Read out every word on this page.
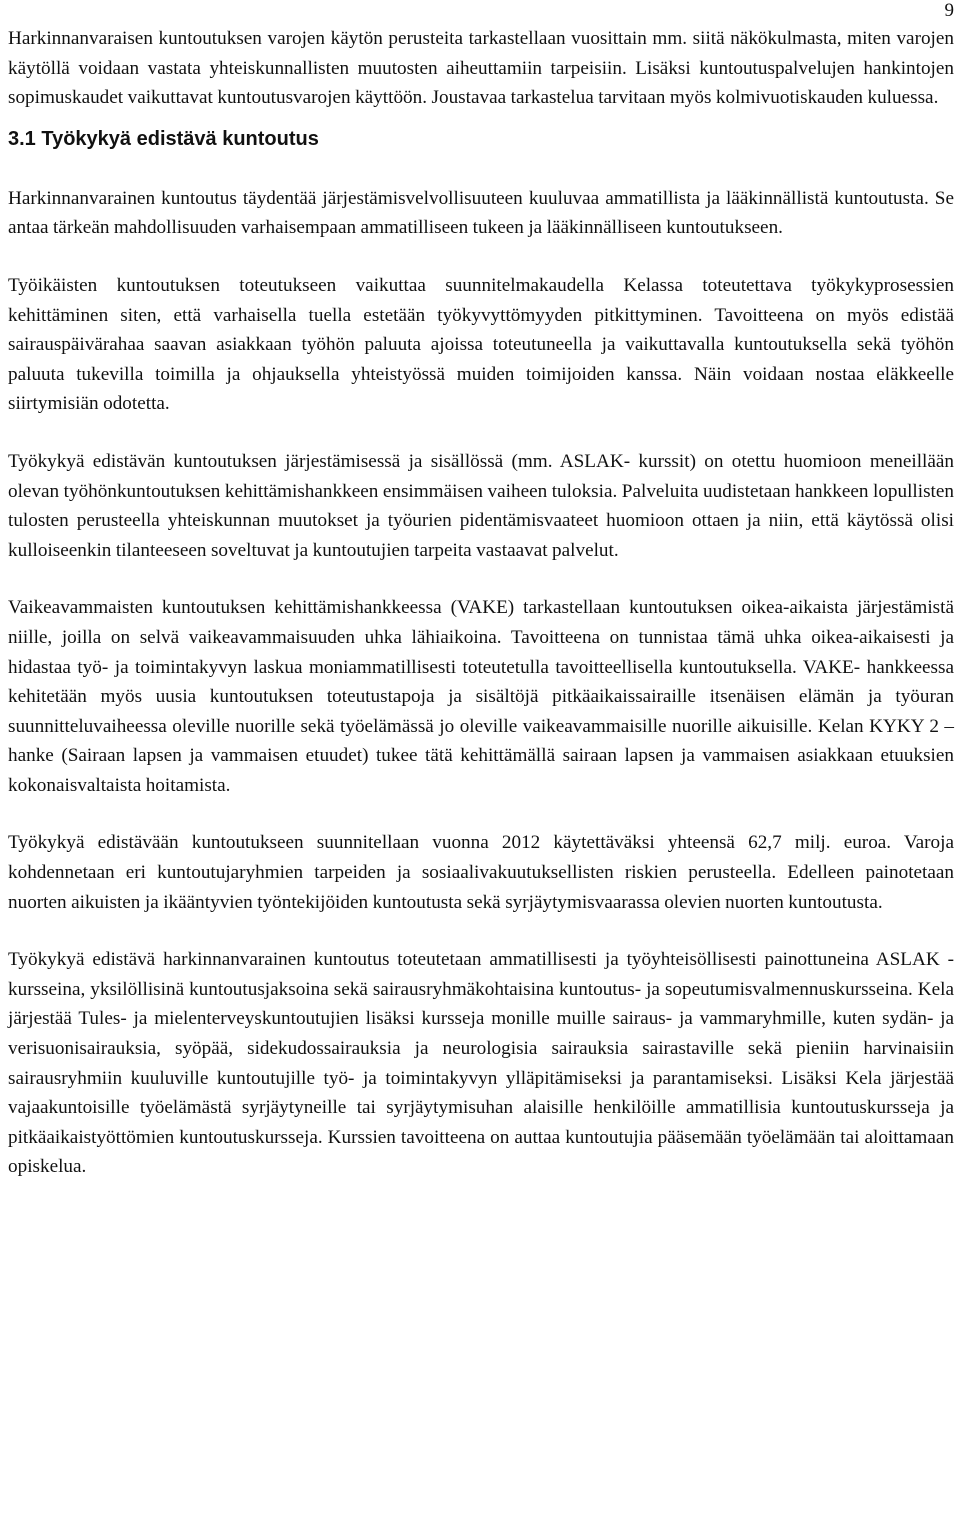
9

Harkinnanvaraisen kuntoutuksen varojen käytön perusteita tarkastellaan vuosittain mm. siitä näkökulmasta, miten varojen käytöllä voidaan vastata yhteiskunnallisten muutosten aiheuttamiin tarpeisiin. Lisäksi kuntoutuspalvelujen hankintojen sopimuskaudet vaikuttavat kuntoutusvarojen käyttöön. Joustavaa tarkastelua tarvitaan myös kolmivuotiskauden kuluessa.

3.1 Työkykyä edistävä kuntoutus

Harkinnanvarainen kuntoutus täydentää järjestämisvelvollisuuteen kuuluvaa ammatillista ja lääkinnällistä kuntoutusta. Se antaa tärkeän mahdollisuuden varhaisempaan ammatilliseen tukeen ja lääkinnälliseen kuntoutukseen.

Työikäisten kuntoutuksen toteutukseen vaikuttaa suunnitelmakaudella Kelassa toteutettava työkykyprosessien kehittäminen siten, että varhaisella tuella estetään työkyvyttömyyden pitkittyminen. Tavoitteena on myös edistää sairauspäivärahaa saavan asiakkaan työhön paluuta ajoissa toteutuneella ja vaikuttavalla kuntoutuksella sekä työhön paluuta tukevilla toimilla ja ohjauksella yhteistyössä muiden toimijoiden kanssa. Näin voidaan nostaa eläkkeelle siirtymisiän odotetta.

Työkykyä edistävän kuntoutuksen järjestämisessä ja sisällössä (mm. ASLAK- kurssit) on otettu huomioon meneillään olevan työhönkuntoutuksen kehittämishankkeen ensimmäisen vaiheen tuloksia. Palveluita uudistetaan hankkeen lopullisten tulosten perusteella yhteiskunnan muutokset ja työurien pidentämisvaateet huomioon ottaen ja niin, että käytössä olisi kulloiseenkin tilanteeseen soveltuvat ja kuntoutujien tarpeita vastaavat palvelut.

Vaikeavammaisten kuntoutuksen kehittämishankkeessa (VAKE) tarkastellaan kuntoutuksen oikea-aikaista järjestämistä niille, joilla on selvä vaikeavammaisuuden uhka lähiaikoina. Tavoitteena on tunnistaa tämä uhka oikea-aikaisesti ja hidastaa työ- ja toimintakyvyn laskua moniammatillisesti toteutetulla tavoitteellisella kuntoutuksella. VAKE- hankkeessa kehitetään myös uusia kuntoutuksen toteutustapoja ja sisältöjä pitkäaikaissairaille itsenäisen elämän ja työuran suunnitteluvaiheessa oleville nuorille sekä työelämässä jo oleville vaikeavammaisille nuorille aikuisille. Kelan KYKY 2 –hanke (Sairaan lapsen ja vammaisen etuudet) tukee tätä kehittämällä sairaan lapsen ja vammaisen asiakkaan etuuksien kokonaisvaltaista hoitamista.

Työkykyä edistävään kuntoutukseen suunnitellaan vuonna 2012 käytettäväksi yhteensä 62,7 milj. euroa. Varoja kohdennetaan eri kuntoutujaryhmien tarpeiden ja sosiaalivakuutuksellisten riskien perusteella. Edelleen painotetaan nuorten aikuisten ja ikääntyvien työntekijöiden kuntoutusta sekä syrjäytymisvaarassa olevien nuorten kuntoutusta.

Työkykyä edistävä harkinnanvarainen kuntoutus toteutetaan ammatillisesti ja työyhteisöllisesti painottuneina ASLAK -kursseina, yksilöllisinä kuntoutusjaksoina sekä sairausryhmäkohtaisina kuntoutus- ja sopeutumisvalmennuskursseina. Kela järjestää Tules- ja mielenterveyskuntoutujien lisäksi kursseja monille muille sairaus- ja vammaryhmille, kuten sydän- ja verisuonisairauksia, syöpää, sidekudossairauksia ja neurologisia sairauksia sairastaville sekä pieniin harvinaisiin sairausryhmiin kuuluville kuntoutujille työ- ja toimintakyvyn ylläpitämiseksi ja parantamiseksi. Lisäksi Kela järjestää vajaakuntoisille työelämästä syrjäytyneille tai syrjäytymisuhan alaisille henkilöille ammatillisia kuntoutuskursseja ja pitkäaikaistyöttömien kuntoutuskursseja. Kurssien tavoitteena on auttaa kuntoutujia pääsemään työelämään tai aloittamaan opiskelua.
